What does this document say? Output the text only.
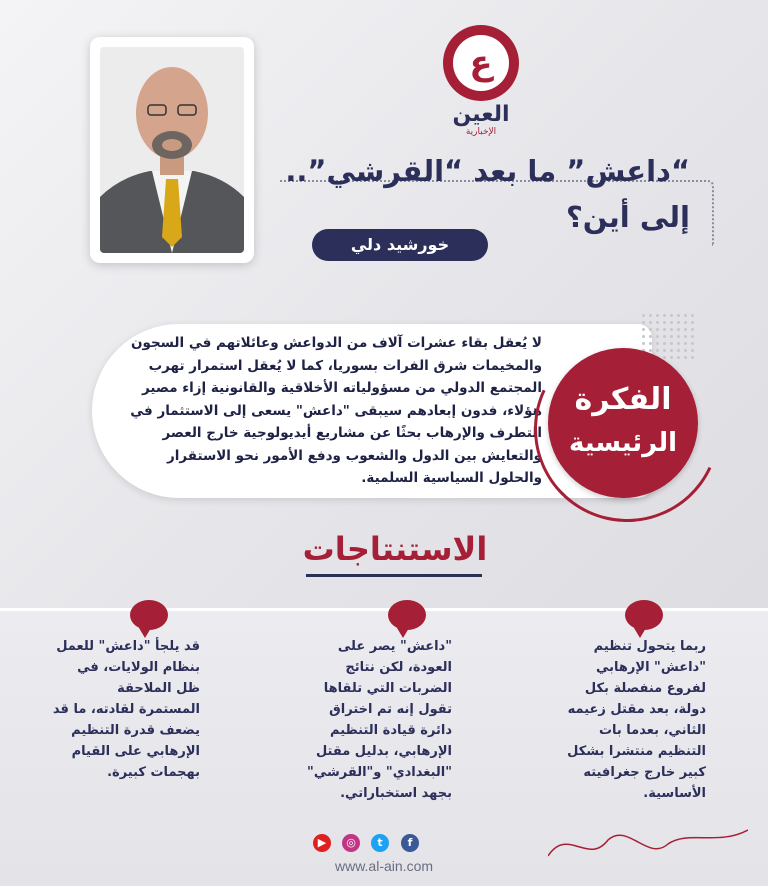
ع
العين
الإخبارية
“داعش” ما بعد “القرشي”..
إلى أين؟
خورشيد دلي
لا يُعقل بقاء عشرات آلاف من الدواعش وعائلاتهم في السجون والمخيمات شرق الفرات بسوريا، كما لا يُعقل استمرار تهرب المجتمع الدولي من مسؤولياته الأخلاقية والقانونية إزاء مصير هؤلاء، فدون إبعادهم سيبقى "داعش" يسعى إلى الاستثمار في التطرف والإرهاب بحثًا عن مشاريع أيديولوجية خارج العصر والتعايش بين الدول والشعوب ودفع الأمور نحو الاستقرار والحلول السياسية السلمية.
الفكرة
الرئيسية
الاستنتاجات
ربما يتحول تنظيم "داعش" الإرهابي لفروع منفصلة بكل دولة، بعد مقتل زعيمه الثاني، بعدما بات التنظيم منتشرا بشكل كبير خارج جغرافيته الأساسية.
"داعش" يصر على العودة، لكن نتائج الضربات التي تلقاها تقول إنه تم اختراق دائرة قيادة التنظيم الإرهابي، بدليل مقتل "البغدادي" و"القرشي" بجهد استخباراتي.
قد يلجأ "داعش" للعمل بنظام الولايات، في ظل الملاحقة المستمرة لقادته، ما قد يضعف قدرة التنظيم الإرهابي على القيام بهجمات كبيرة.
▶	◎	t	f
www.al-ain.com
